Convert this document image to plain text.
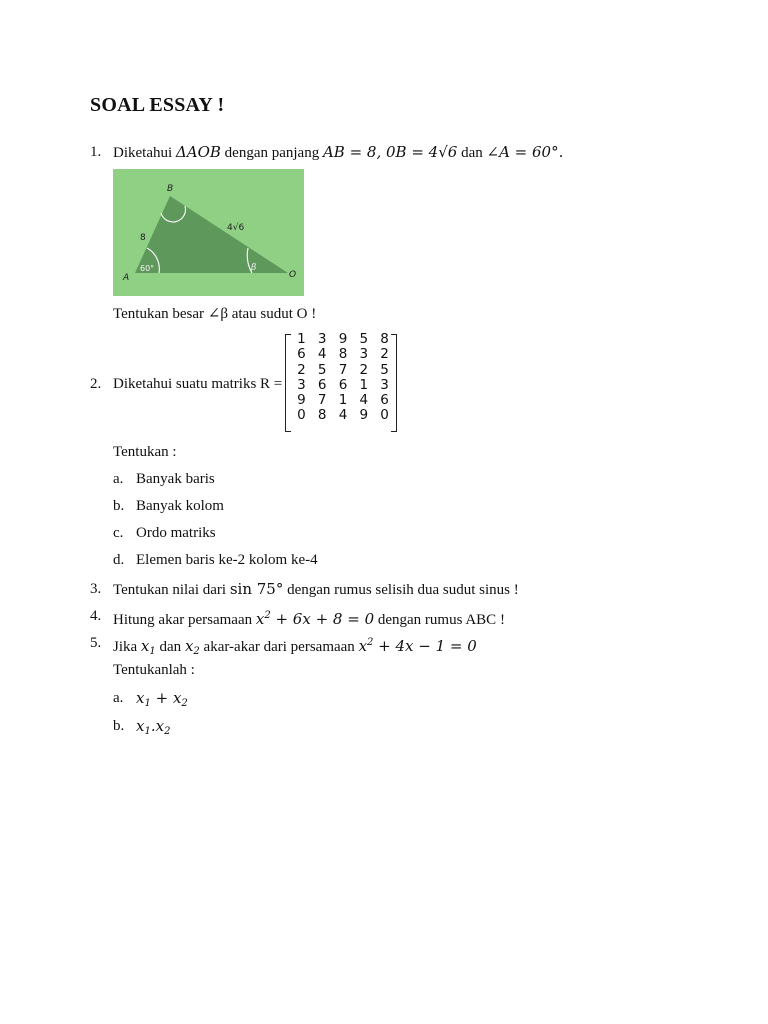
SOAL ESSAY !
1. Diketahui ΔAOB dengan panjang AB = 8, 0B = 4√6 dan ∠A = 60°.
B
A	O
8
4√6
60°	β
Tentukan besar ∠β atau sudut O !
2. Diketahui suatu matriks R =
1 3 9 5 8
6 4 8 3 2
2 5 7 2 5
3 6 6 1 3
9 7 1 4 6
0 8 4 9 0
Tentukan :
a. Banyak baris
b. Banyak kolom
c. Ordo matriks
d. Elemen baris ke-2 kolom ke-4
3. Tentukan nilai dari sin 75° dengan rumus selisih dua sudut sinus !
4. Hitung akar persamaan $x^2 + 6x + 8 = 0$ dengan rumus ABC !
5. Jika $x_1$ dan $x_2$ akar-akar dari persamaan $x^2 + 4x - 1 = 0$
Tentukanlah :
a. $x_1 + x_2$
b. $x_1.x_2$
